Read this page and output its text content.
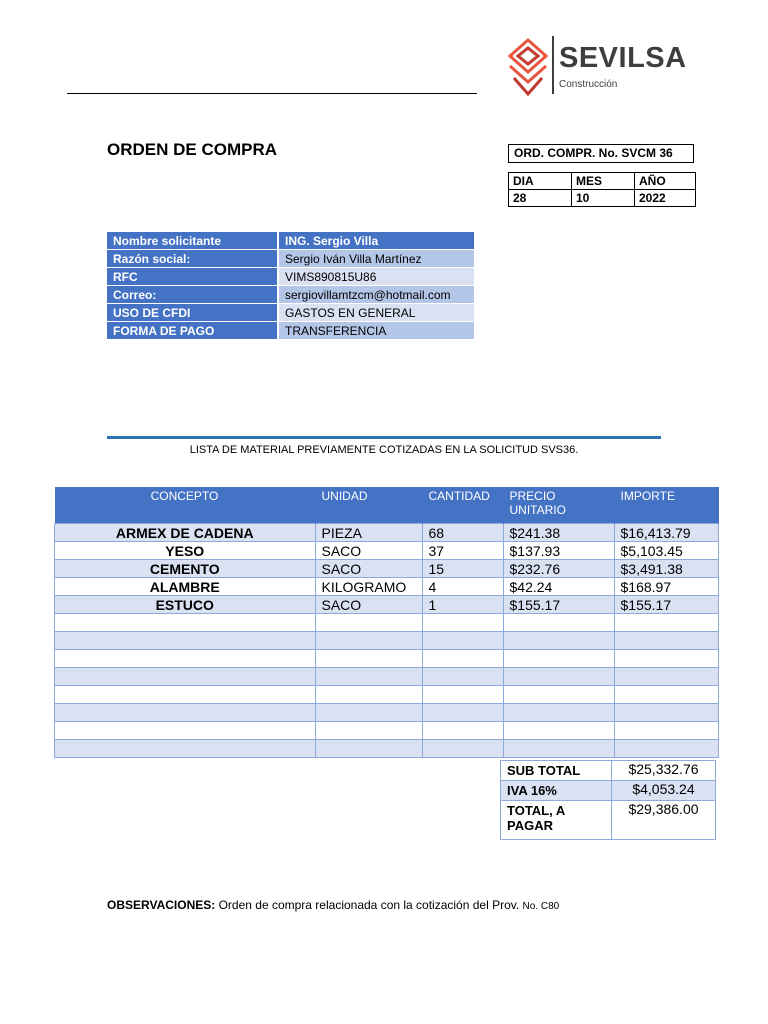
SEVILSA
Construcción
ORDEN DE COMPRA	ORD. COMPR. No. SVCM 36
DIA	MES	AÑO
28	10	2022
Nombre solicitante	ING. Sergio Villa
Razón social:	Sergio Iván Villa Martínez
RFC	VIMS890815U86
Correo:	sergiovillamtzcm@hotmail.com
USO DE CFDI	GASTOS EN GENERAL
FORMA DE PAGO	TRANSFERENCIA
LISTA DE MATERIAL PREVIAMENTE COTIZADAS EN LA SOLICITUD SVS36.
CONCEPTO	UNIDAD	CANTIDAD	PRECIO UNITARIO	IMPORTE
ARMEX DE CADENA	PIEZA	68	$241.38	$16,413.79
YESO	SACO	37	$137.93	$5,103.45
CEMENTO	SACO	15	$232.76	$3,491.38
ALAMBRE	KILOGRAMO	4	$42.24	$168.97
ESTUCO	SACO	1	$155.17	$155.17

SUB TOTAL	$25,332.76
IVA 16%	$4,053.24
TOTAL, A PAGAR	$29,386.00
OBSERVACIONES: Orden de compra relacionada con la cotización del Prov. No. C80
